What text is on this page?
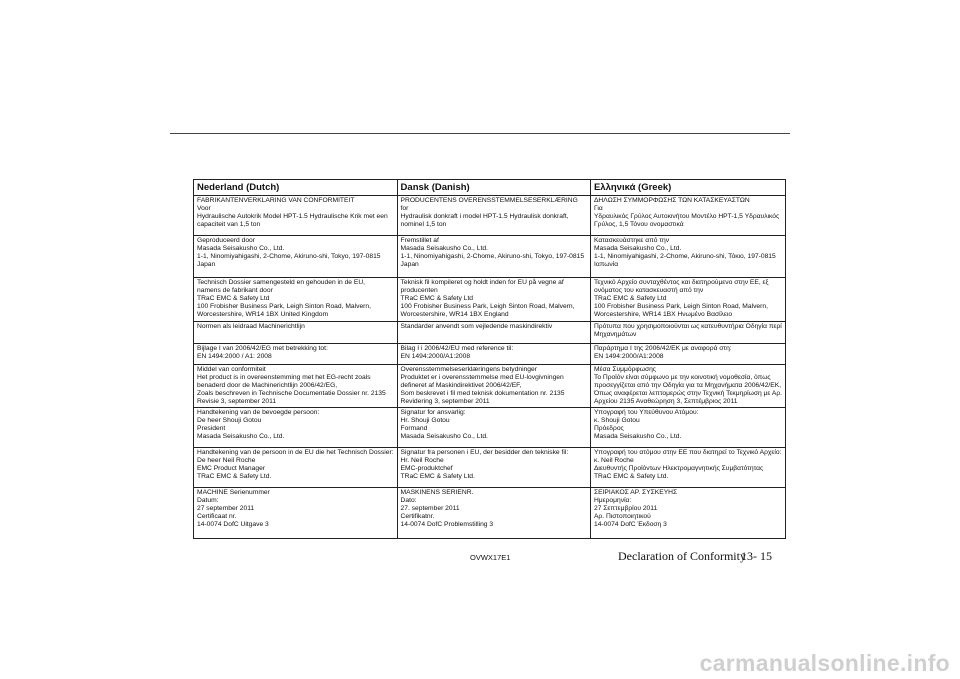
Nederland (Dutch)
FABRIKANTENVERKLARING VAN CONFORMITEIT
Voor
Hydraulische Autokrik Model HPT-1.5 Hydraulische Krik met een
capaciteit van 1,5 ton
Geproduceerd door
Masada Seisakusho Co., Ltd.
1-1, Ninomiyahigashi, 2-Chome, Akiruno-shi, Tokyo, 197-0815
Japan
Technisch Dossier samengesteld en gehouden in de EU,
namens de fabrikant door
TRaC EMC & Safety Ltd
100 Frobisher Business Park, Leigh Sinton Road, Malvern,
Worcestershire, WR14 1BX United Kingdom
Normen als leidraad Machinerichtlijn
Bijlage I van 2006/42/EG met betrekking tot:
EN 1494:2000 / A1: 2008
Middel van conformiteit
Het product is in overeenstemming met het EG-recht zoals
benaderd door de Machinerichtlijn 2006/42/EG,
Zoals beschreven in Technische Documentatie Dossier nr. 2135
Revisie 3, september 2011
Handtekening van de bevoegde persoon:
De heer Shouji Gotou
President
Masada Seisakusho Co., Ltd.
Handtekening van de persoon in de EU die het Technisch Dossier:
De heer Neil Roche
EMC Product Manager
TRaC EMC & Safety Ltd.
MACHINE Serienummer
Datum:
27 september 2011
Certificaat nr.
14-0074 DofC Uitgave 3
Dansk (Danish)
PRODUCENTENS OVERENSSTEMMELSESERKLÆRING
for
Hydraulisk donkraft i model HPT-1.5 Hydraulisk donkraft,
nominel 1,5 ton
Fremstillet af
Masada Seisakusho Co., Ltd.
1-1, Ninomiyahigashi, 2-Chome, Akiruno-shi, Tokyo, 197-0815
Japan
Teknisk fil kompileret og holdt inden for EU på vegne af
producenten
TRaC EMC & Safety Ltd
100 Frobisher Business Park, Leigh Sinton Road, Malvern,
Worcestershire, WR14 1BX England
Standarder anvendt som vejledende maskindirektiv
Bilag I i 2006/42/EU med reference til:
EN 1494:2000/A1:2008
Overensstemmelseserklæringens betydninger
Produktet er i overensstemmelse med EU-lovgivningen
defineret af Maskindirektivet 2006/42/EF,
Som beskrevet i fil med teknisk dokumentation nr. 2135
Revidering 3, september 2011
Signatur for ansvarlig:
Hr. Shouji Gotou
Formand
Masada Seisakusho Co., Ltd.
Signatur fra personen i EU, der besidder den tekniske fil:
Hr. Neil Roche
EMC-produktchef
TRaC EMC & Safety Ltd.
MASKINENS SERIENR.
Dato:
27. september 2011
Certifikatnr.
14-0074 DofC Problemstilling 3
Ελληνικά (Greek)
ΔΗΛΩΣΗ ΣΥΜΜΟΡΦΩΣΗΣ ΤΩΝ ΚΑΤΑΣΚΕΥΑΣΤΩΝ
Για
Υδραυλικός Γρύλος Αυτοκινήτου Μοντέλο HPT-1,5 Υδραυλικός
Γρύλος, 1,5 Τόνου ονομαστικά
Κατασκευάστηκε από την
Masada Seisakusho Co., Ltd.
1-1, Ninomiyahigashi, 2-Chome, Akiruno-shi, Τόκιο, 197-0815
Ιαπωνία
Τεχνικό Αρχείο συνταχθέντος και διατηρούμενο στην ΕΕ, εξ
ονόματος του κατασκευαστή από την
TRaC EMC & Safety Ltd
100 Frobisher Business Park, Leigh Sinton Road, Malvern,
Worcestershire, WR14 1BX Ηνωμένο Βασίλειο
Πρότυπα που χρησιμοποιούνται ως κατευθυντήρια Οδηγία περί
Μηχανημάτων
Παράρτημα I της 2006/42/ΕΚ με αναφορά στη:
EN 1494:2000/A1:2008
Μέσα Συμμόρφωσης
Το Προϊόν είναι σύμφωνο με την κοινοτική νομοθεσία, όπως
προσεγγίζεται από την Οδηγία για τα Μηχανήματα 2006/42/ΕΚ,
Όπως αναφέρεται λεπτομερώς στην Τεχνική Τεκμηρίωση με Αρ.
Αρχείου 2135 Αναθεώρηση 3, Σεπτέμβριος 2011
Υπογραφή του Υπεύθυνου Ατόμου:
κ. Shouji Gotou
Πρόεδρος
Masada Seisakusho Co., Ltd.
Υπογραφή του ατόμου στην ΕΕ που διατηρεί το Τεχνικό Αρχείο:
κ. Neil Roche
Διευθυντής Προϊόντων Ηλεκτρομαγνητικής Συμβατότητας
TRaC EMC & Safety Ltd.
ΣΕΙΡΙΑΚΟΣ ΑΡ. ΣΥΣΚΕΥΗΣ
Ημερομηνία:
27 Σεπτεμβρίου 2011
Αρ. Πιστοποιητικού
14-0074 DofC Έκδοση 3
OVWX17E1	Declaration of Conformity
13- 15
carmanualsonline.info
